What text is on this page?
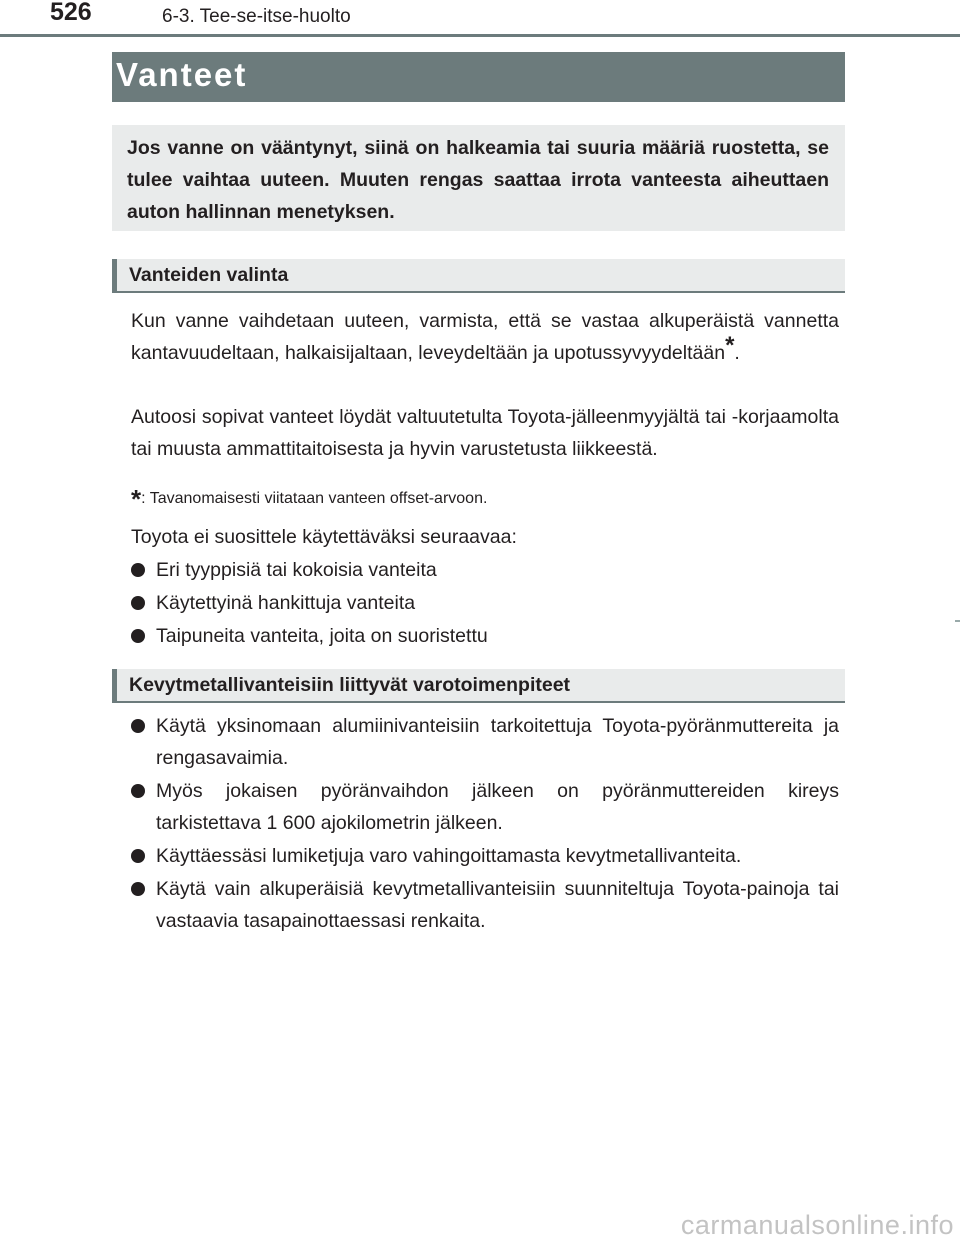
526	6-3. Tee-se-itse-huolto
Vanteet

Jos vanne on vääntynyt, siinä on halkeamia tai suuria määriä ruostetta, se tulee vaihtaa uuteen. Muuten rengas saattaa irrota vanteesta aiheuttaen auton hallinnan menetyksen.

Vanteiden valinta

Kun vanne vaihdetaan uuteen, varmista, että se vastaa alkuperäistä vannetta kantavuudeltaan, halkaisijaltaan, leveydeltään ja upotussyvyydeltään*.

Autoosi sopivat vanteet löydät valtuutetulta Toyota-jälleenmyyjältä tai -korjaamolta tai muusta ammattitaitoisesta ja hyvin varustetusta liikkeestä.

*: Tavanomaisesti viitataan vanteen offset-arvoon.

Toyota ei suosittele käytettäväksi seuraavaa:

Eri tyyppisiä tai kokoisia vanteita
Käytettyinä hankittuja vanteita
Taipuneita vanteita, joita on suoristettu
Kevytmetallivanteisiin liittyvät varotoimenpiteet
Käytä yksinomaan alumiinivanteisiin tarkoitettuja Toyota-pyöränmuttereita ja rengasavaimia.
Myös jokaisen pyöränvaihdon jälkeen on pyöränmuttereiden kireys tarkistettava 1 600 ajokilometrin jälkeen.
Käyttäessäsi lumiketjuja varo vahingoittamasta kevytmetallivanteita.
Käytä vain alkuperäisiä kevytmetallivanteisiin suunniteltuja Toyota-painoja tai vastaavia tasapainottaessasi renkaita.
carmanualsonline.info
